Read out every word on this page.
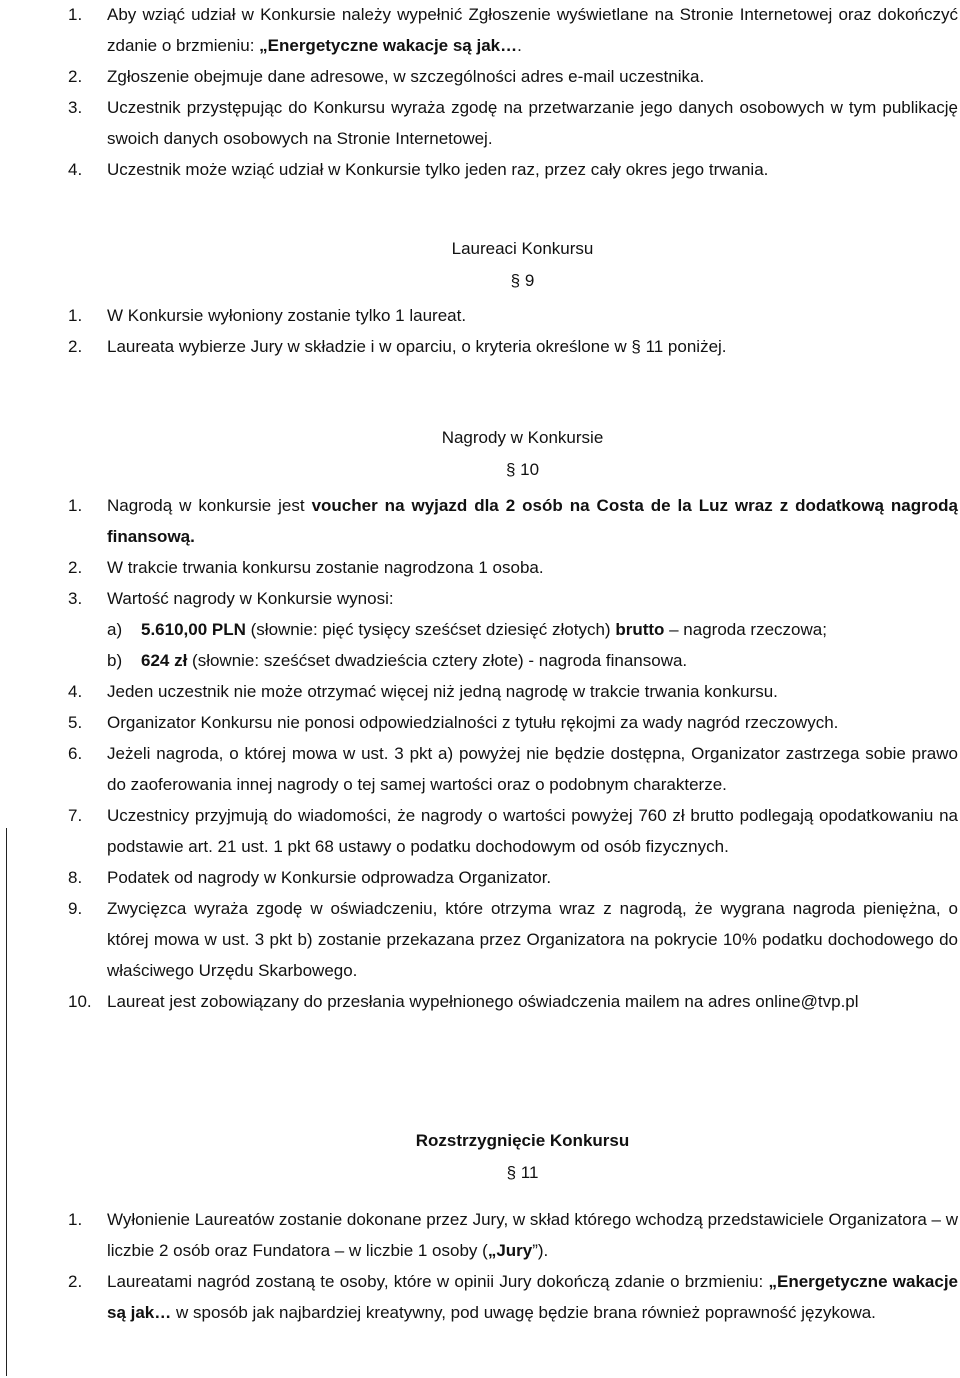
1. Aby wziąć udział w Konkursie należy wypełnić Zgłoszenie wyświetlane na Stronie Internetowej oraz dokończyć zdanie o brzmieniu: „Energetyczne wakacje są jak….
2. Zgłoszenie obejmuje dane adresowe, w szczególności adres e-mail uczestnika.
3. Uczestnik przystępując do Konkursu wyraża zgodę na przetwarzanie jego danych osobowych w tym publikację swoich danych osobowych na Stronie Internetowej.
4. Uczestnik może wziąć udział w Konkursie tylko jeden raz, przez cały okres jego trwania.
Laureaci Konkursu
§ 9
1. W Konkursie wyłoniony zostanie tylko 1 laureat.
2. Laureata wybierze Jury w składzie i w oparciu, o kryteria określone w § 11 poniżej.
Nagrody w Konkursie
§ 10
1. Nagrodą w konkursie jest voucher na wyjazd dla 2 osób na Costa de la Luz wraz z dodatkową nagrodą finansową.
2. W trakcie trwania konkursu zostanie nagrodzona 1 osoba.
3. Wartość nagrody w Konkursie wynosi:
a) 5.610,00 PLN (słownie: pięć tysięcy sześćset dziesięć złotych) brutto – nagroda rzeczowa;
b) 624 zł (słownie: sześćset dwadzieścia cztery złote) - nagroda finansowa.
4. Jeden uczestnik nie może otrzymać więcej niż jedną nagrodę w trakcie trwania konkursu.
5. Organizator Konkursu nie ponosi odpowiedzialności z tytułu rękojmi za wady nagród rzeczowych.
6. Jeżeli nagroda, o której mowa w ust. 3 pkt a) powyżej nie będzie dostępna, Organizator zastrzega sobie prawo do zaoferowania innej nagrody o tej samej wartości oraz o podobnym charakterze.
7. Uczestnicy przyjmują do wiadomości, że nagrody o wartości powyżej 760 zł brutto podlegają opodatkowaniu na podstawie art. 21 ust. 1 pkt 68 ustawy o podatku dochodowym od osób fizycznych.
8. Podatek od nagrody w Konkursie odprowadza Organizator.
9. Zwycięzca wyraża zgodę w oświadczeniu, które otrzyma wraz z nagrodą, że wygrana nagroda pieniężna, o której mowa w ust. 3 pkt b) zostanie przekazana przez Organizatora na pokrycie 10% podatku dochodowego do właściwego Urzędu Skarbowego.
10. Laureat jest zobowiązany do przesłania wypełnionego oświadczenia mailem na adres online@tvp.pl
Rozstrzygnięcie Konkursu
§ 11
1. Wyłonienie Laureatów zostanie dokonane przez Jury, w skład którego wchodzą przedstawiciele Organizatora – w liczbie 2 osób oraz Fundatora – w liczbie 1 osoby („Jury”).
2. Laureatami nagród zostaną te osoby, które w opinii Jury dokończą zdanie o brzmieniu: „Energetyczne wakacje są jak… w sposób jak najbardziej kreatywny, pod uwagę będzie brana również poprawność językowa.
